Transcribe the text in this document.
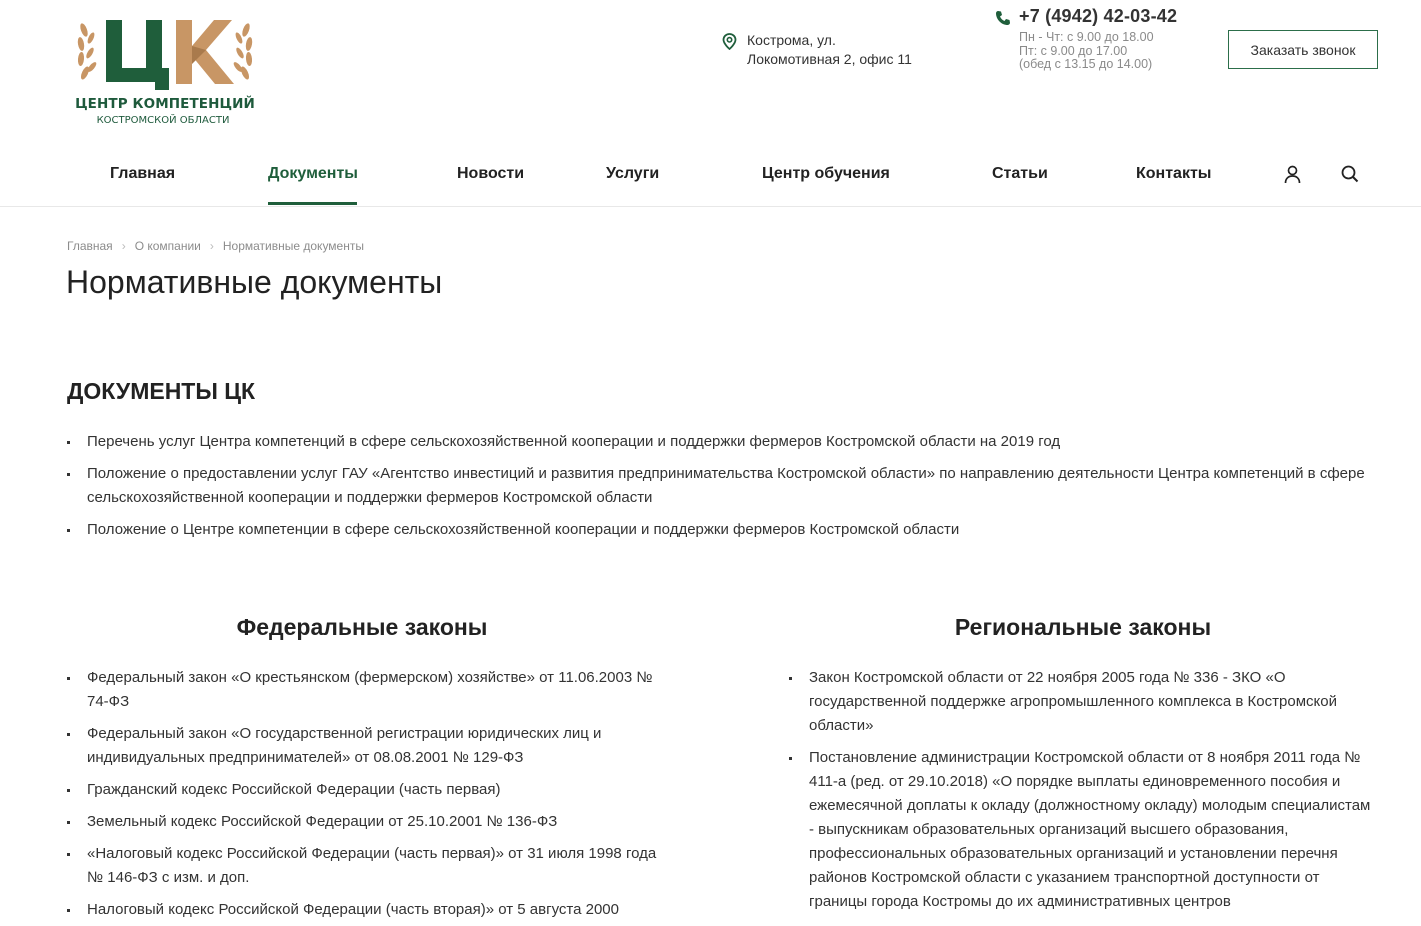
ЦЕНТР КОМПЕТЕНЦИЙ
КОСТРОМСКОЙ ОБЛАСТИ
Кострома, ул.
Локомотивная 2, офис 11
+7 (4942) 42-03-42
Пн - Чт: с 9.00 до 18.00
Пт: с 9.00 до 17.00
(обед с 13.15 до 14.00)
Заказать звонок
Главная	Документы	Новости	Услуги	Центр обучения	Статьи	Контакты
Главная › О компании › Нормативные документы
Нормативные документы
ДОКУМЕНТЫ ЦК
Перечень услуг Центра компетенций в сфере сельскохозяйственной кооперации и поддержки фермеров Костромской области на 2019 год
Положение о предоставлении услуг ГАУ «Агентство инвестиций и развития предпринимательства Костромской области» по направлению деятельности Центра компетенций в сфере сельскохозяйственной кооперации и поддержки фермеров Костромской области
Положение о Центре компетенции в сфере сельскохозяйственной кооперации и поддержки фермеров Костромской области
Федеральные законы
Федеральный закон «О крестьянском (фермерском) хозяйстве» от 11.06.2003 № 74-ФЗ
Федеральный закон «О государственной регистрации юридических лиц и индивидуальных предпринимателей» от 08.08.2001 № 129-ФЗ
Гражданский кодекс Российской Федерации (часть первая)
Земельный кодекс Российской Федерации от 25.10.2001 № 136-ФЗ
«Налоговый кодекс Российской Федерации (часть первая)» от 31 июля 1998 года № 146-ФЗ с изм. и доп.
Налоговый кодекс Российской Федерации (часть вторая)» от 5 августа 2000
Региональные законы
Закон Костромской области от 22 ноября 2005 года № 336 - ЗКО «О государственной поддержке агропромышленного комплекса в Костромской области»
Постановление администрации Костромской области от 8 ноября 2011 года № 411-а (ред. от 29.10.2018) «О порядке выплаты единовременного пособия и ежемесячной доплаты к окладу (должностному окладу) молодым специалистам - выпускникам образовательных организаций высшего образования, профессиональных образовательных организаций и установлении перечня районов Костромской области с указанием транспортной доступности от границы города Костромы до их административных центров
